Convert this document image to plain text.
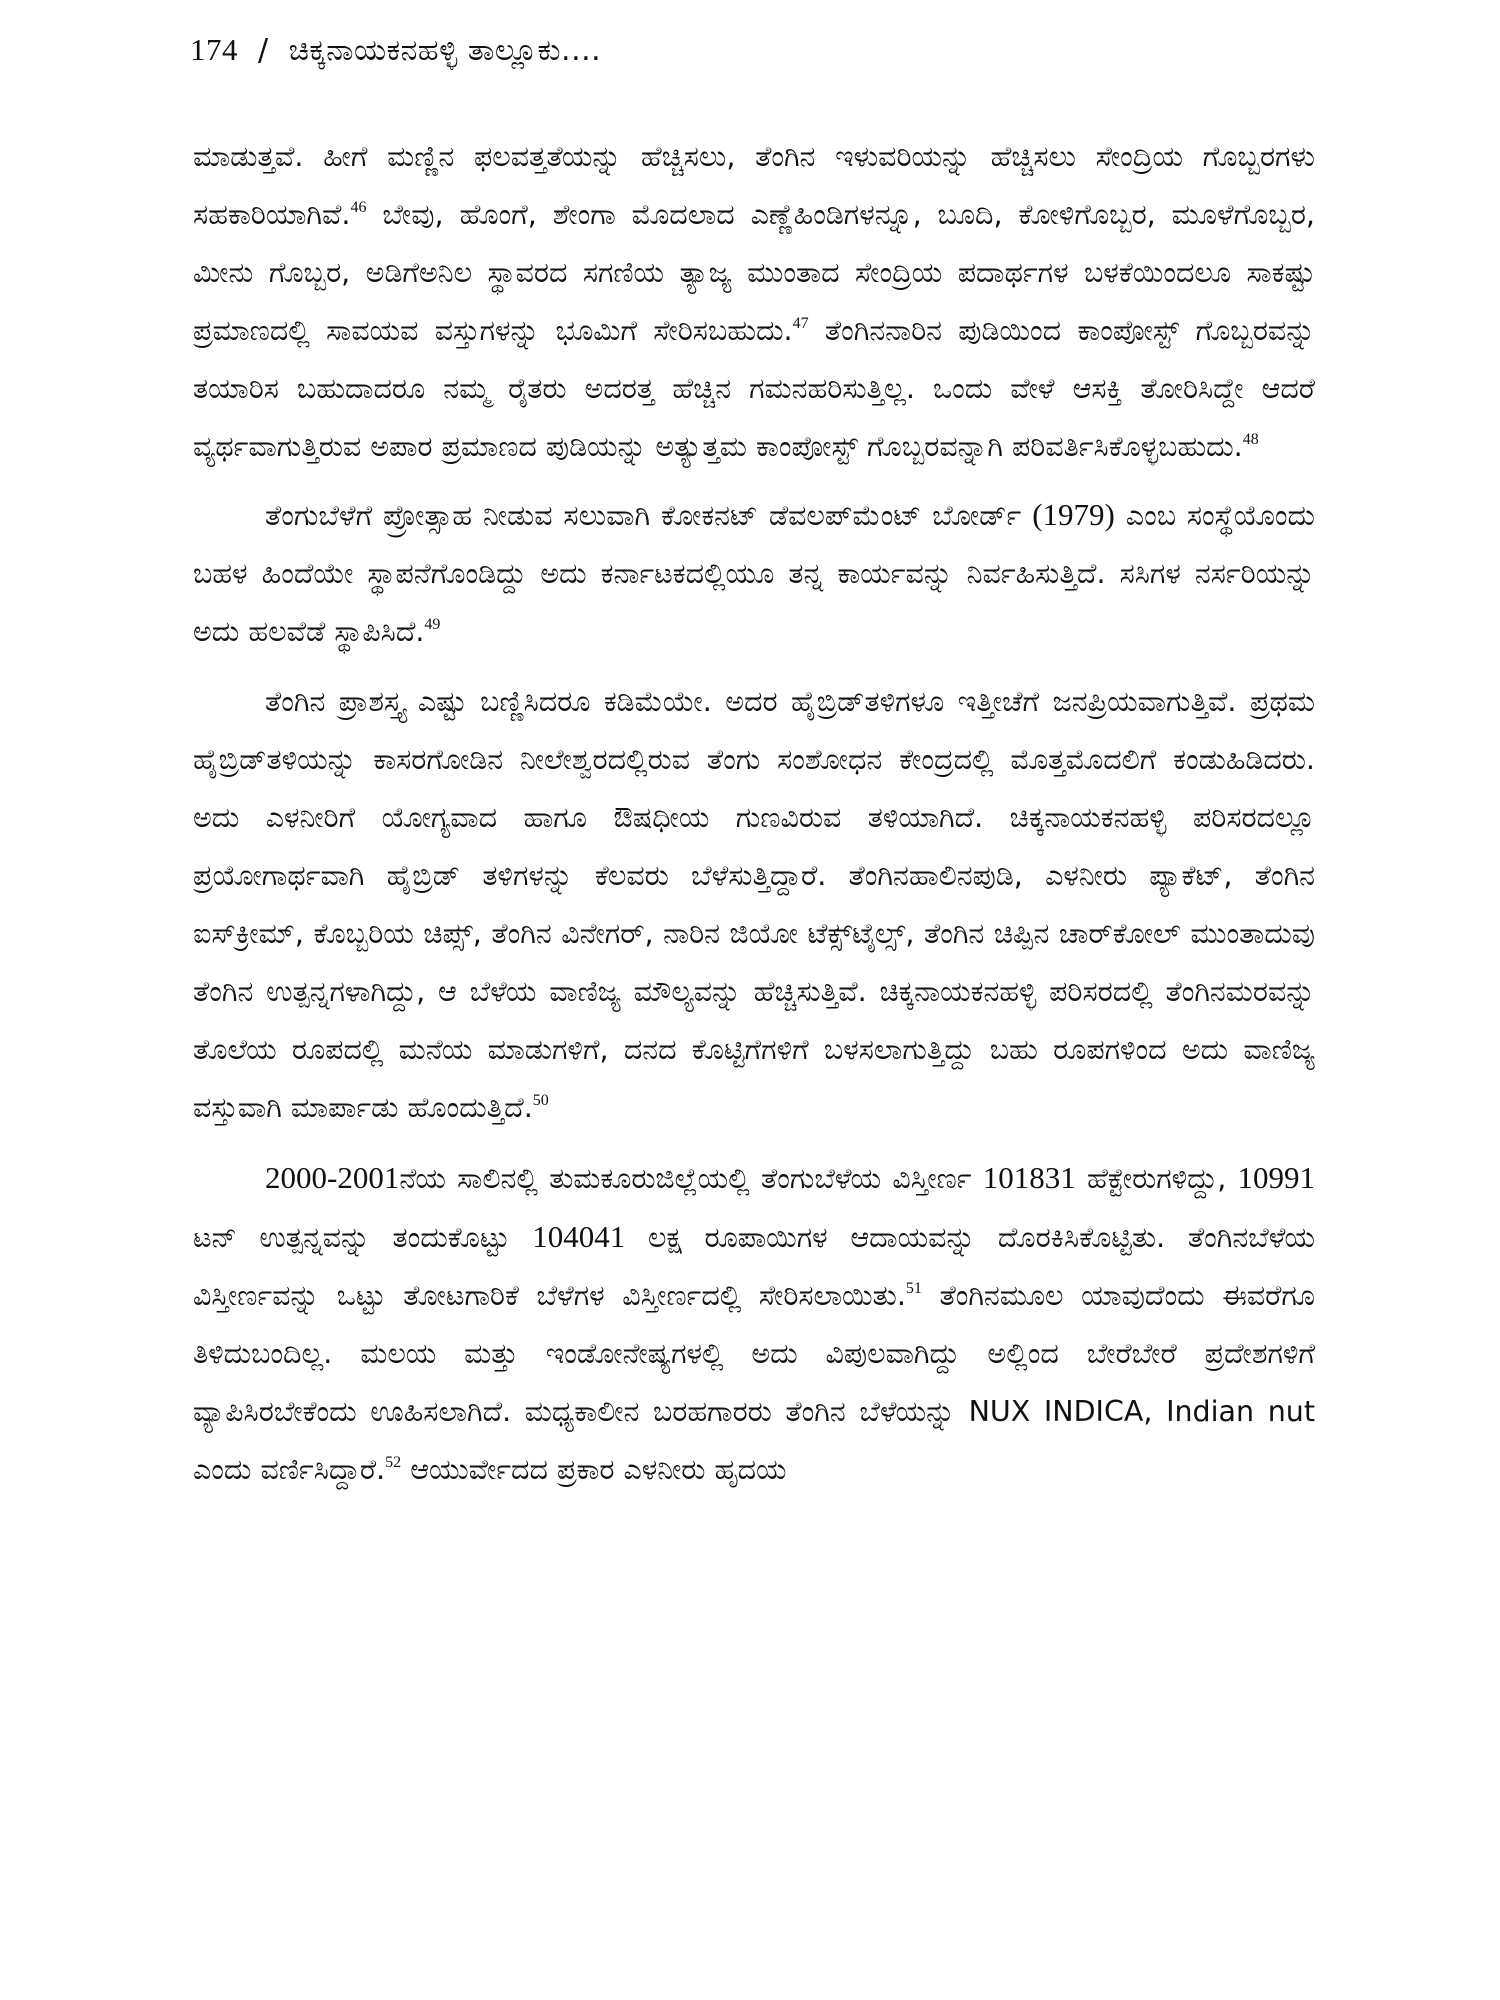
174 / ಚಿಕ್ಕನಾಯಕನಹಳ್ಳಿ ತಾಲ್ಲೂಕು....

ಮಾಡುತ್ತವೆ. ಹೀಗೆ ಮಣ್ಣಿನ ಫಲವತ್ತತೆಯನ್ನು ಹೆಚ್ಚಿಸಲು, ತೆಂಗಿನ ಇಳುವರಿಯನ್ನು ಹೆಚ್ಚಿಸಲು ಸೇಂದ್ರಿಯ ಗೊಬ್ಬರಗಳು ಸಹಕಾರಿಯಾಗಿವೆ.$^{46}$ ಬೇವು, ಹೊಂಗೆ, ಶೇಂಗಾ ಮೊದಲಾದ ಎಣ್ಣೆಹಿಂಡಿಗಳನ್ನೂ, ಬೂದಿ, ಕೋಳಿಗೊಬ್ಬರ, ಮೂಳೆಗೊಬ್ಬರ, ಮೀನು ಗೊಬ್ಬರ, ಅಡಿಗೆಅನಿಲ ಸ್ಥಾವರದ ಸಗಣಿಯ ತ್ಯಾಜ್ಯ ಮುಂತಾದ ಸೇಂದ್ರಿಯ ಪದಾರ್ಥಗಳ ಬಳಕೆಯಿಂದಲೂ ಸಾಕಷ್ಟು ಪ್ರಮಾಣದಲ್ಲಿ ಸಾವಯವ ವಸ್ತುಗಳನ್ನು ಭೂಮಿಗೆ ಸೇರಿಸಬಹುದು.$^{47}$ ತೆಂಗಿನನಾರಿನ ಪುಡಿಯಿಂದ ಕಾಂಪೋಸ್ಟ್ ಗೊಬ್ಬರವನ್ನು ತಯಾರಿಸ ಬಹುದಾದರೂ ನಮ್ಮ ರೈತರು ಅದರತ್ತ ಹೆಚ್ಚಿನ ಗಮನಹರಿಸುತ್ತಿಲ್ಲ. ಒಂದು ವೇಳೆ ಆಸಕ್ತಿ ತೋರಿಸಿದ್ದೇ ಆದರೆ ವ್ಯರ್ಥವಾಗುತ್ತಿರುವ ಅಪಾರ ಪ್ರಮಾಣದ ಪುಡಿಯನ್ನು ಅತ್ಯುತ್ತಮ ಕಾಂಪೋಸ್ಟ್ ಗೊಬ್ಬರವನ್ನಾಗಿ ಪರಿವರ್ತಿಸಿಕೊಳ್ಳಬಹುದು.$^{48}$

ತೆಂಗುಬೆಳೆಗೆ ಪ್ರೋತ್ಸಾಹ ನೀಡುವ ಸಲುವಾಗಿ ಕೋಕನಟ್ ಡೆವಲಪ್‌ಮೆಂಟ್ ಬೋರ್ಡ್ (1979) ಎಂಬ ಸಂಸ್ಥೆಯೊಂದು ಬಹಳ ಹಿಂದೆಯೇ ಸ್ಥಾಪನೆಗೊಂಡಿದ್ದು ಅದು ಕರ್ನಾಟಕದಲ್ಲಿಯೂ ತನ್ನ ಕಾರ್ಯವನ್ನು ನಿರ್ವಹಿಸುತ್ತಿದೆ. ಸಸಿಗಳ ನರ್ಸರಿಯನ್ನು ಅದು ಹಲವೆಡೆ ಸ್ಥಾಪಿಸಿದೆ.$^{49}$

ತೆಂಗಿನ ಪ್ರಾಶಸ್ತ್ಯ ಎಷ್ಟು ಬಣ್ಣಿಸಿದರೂ ಕಡಿಮೆಯೇ. ಅದರ ಹೈಬ್ರಿಡ್‌ತಳಿಗಳೂ ಇತ್ತೀಚೆಗೆ ಜನಪ್ರಿಯವಾಗುತ್ತಿವೆ. ಪ್ರಥಮ ಹೈಬ್ರಿಡ್‌ತಳಿಯನ್ನು ಕಾಸರಗೋಡಿನ ನೀಲೇಶ್ವರದಲ್ಲಿರುವ ತೆಂಗು ಸಂಶೋಧನ ಕೇಂದ್ರದಲ್ಲಿ ಮೊತ್ತಮೊದಲಿಗೆ ಕಂಡುಹಿಡಿದರು. ಅದು ಎಳನೀರಿಗೆ ಯೋಗ್ಯವಾದ ಹಾಗೂ ಔಷಧೀಯ ಗುಣವಿರುವ ತಳಿಯಾಗಿದೆ. ಚಿಕ್ಕನಾಯಕನಹಳ್ಳಿ ಪರಿಸರದಲ್ಲೂ ಪ್ರಯೋಗಾರ್ಥವಾಗಿ ಹೈಬ್ರಿಡ್ ತಳಿಗಳನ್ನು ಕೆಲವರು ಬೆಳೆಸುತ್ತಿದ್ದಾರೆ. ತೆಂಗಿನಹಾಲಿನಪುಡಿ, ಎಳನೀರು ಪ್ಯಾಕೆಟ್, ತೆಂಗಿನ ಐಸ್‌ಕ್ರೀಮ್, ಕೊಬ್ಬರಿಯ ಚಿಪ್ಸ್, ತೆಂಗಿನ ವಿನೇಗರ್, ನಾರಿನ ಜಿಯೋ ಟೆಕ್ಸ್‌ಟೈಲ್ಸ್, ತೆಂಗಿನ ಚಿಪ್ಪಿನ ಚಾರ್‌ಕೋಲ್ ಮುಂತಾದುವು ತೆಂಗಿನ ಉತ್ಪನ್ನಗಳಾಗಿದ್ದು, ಆ ಬೆಳೆಯ ವಾಣಿಜ್ಯ ಮೌಲ್ಯವನ್ನು ಹೆಚ್ಚಿಸುತ್ತಿವೆ. ಚಿಕ್ಕನಾಯಕನಹಳ್ಳಿ ಪರಿಸರದಲ್ಲಿ ತೆಂಗಿನಮರವನ್ನು ತೊಲೆಯ ರೂಪದಲ್ಲಿ ಮನೆಯ ಮಾಡುಗಳಿಗೆ, ದನದ ಕೊಟ್ಟಿಗೆಗಳಿಗೆ ಬಳಸಲಾಗುತ್ತಿದ್ದು ಬಹು ರೂಪಗಳಿಂದ ಅದು ವಾಣಿಜ್ಯ ವಸ್ತುವಾಗಿ ಮಾರ್ಪಾಡು ಹೊಂದುತ್ತಿದೆ.$^{50}$

2000-2001ನೆಯ ಸಾಲಿನಲ್ಲಿ ತುಮಕೂರುಜಿಲ್ಲೆಯಲ್ಲಿ ತೆಂಗುಬೆಳೆಯ ವಿಸ್ತೀರ್ಣ 101831 ಹೆಕ್ಟೇರುಗಳಿದ್ದು, 10991 ಟನ್ ಉತ್ಪನ್ನವನ್ನು ತಂದುಕೊಟ್ಟು 104041 ಲಕ್ಷ ರೂಪಾಯಿಗಳ ಆದಾಯವನ್ನು ದೊರಕಿಸಿಕೊಟ್ಟಿತು. ತೆಂಗಿನಬೆಳೆಯ ವಿಸ್ತೀರ್ಣವನ್ನು ಒಟ್ಟು ತೋಟಗಾರಿಕೆ ಬೆಳೆಗಳ ವಿಸ್ತೀರ್ಣದಲ್ಲಿ ಸೇರಿಸಲಾಯಿತು.$^{51}$ ತೆಂಗಿನಮೂಲ ಯಾವುದೆಂದು ಈವರೆಗೂ ತಿಳಿದುಬಂದಿಲ್ಲ. ಮಲಯ ಮತ್ತು ಇಂಡೋನೇಷ್ಯಗಳಲ್ಲಿ ಅದು ವಿಪುಲವಾಗಿದ್ದು ಅಲ್ಲಿಂದ ಬೇರೆಬೇರೆ ಪ್ರದೇಶಗಳಿಗೆ ವ್ಯಾಪಿಸಿರಬೇಕೆಂದು ಊಹಿಸಲಾಗಿದೆ. ಮಧ್ಯಕಾಲೀನ ಬರಹಗಾರರು ತೆಂಗಿನ ಬೆಳೆಯನ್ನು NUX INDICA, Indian nut ಎಂದು ವರ್ಣಿಸಿದ್ದಾರೆ.$^{52}$ ಆಯುರ್ವೇದದ ಪ್ರಕಾರ ಎಳನೀರು ಹೃದಯ
